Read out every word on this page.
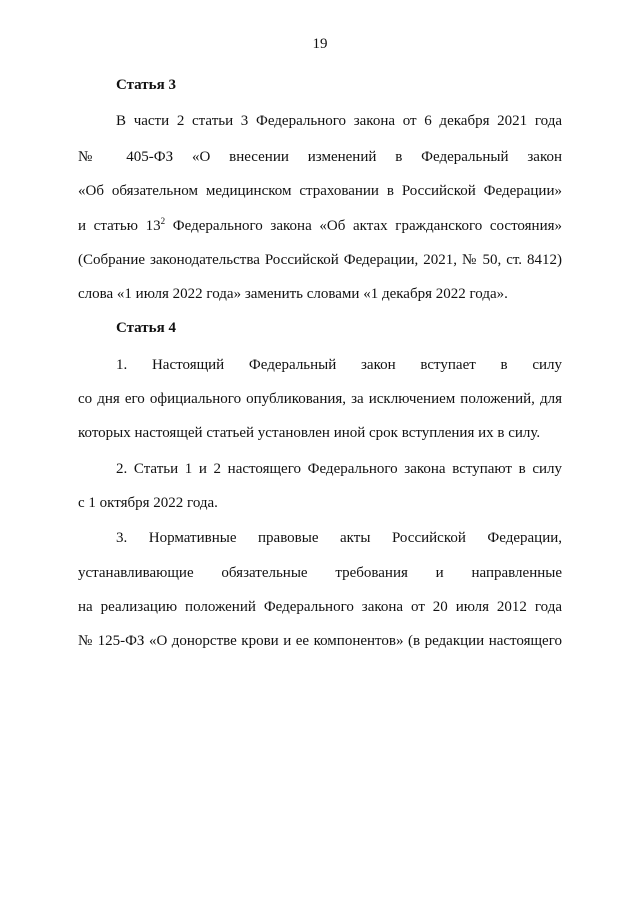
19
Статья 3
В части 2 статьи 3 Федерального закона от 6 декабря 2021 года
№ 405-ФЗ «О внесении изменений в Федеральный закон
«Об обязательном медицинском страховании в Российской Федерации»
и статью $13^2$ Федерального закона «Об актах гражданского состояния»
(Собрание законодательства Российской Федерации, 2021, № 50, ст. 8412)
слова «1 июля 2022 года» заменить словами «1 декабря 2022 года».
Статья 4
1. Настоящий Федеральный закон вступает в силу
со дня его официального опубликования, за исключением положений, для
которых настоящей статьей установлен иной срок вступления их в силу.
2. Статьи 1 и 2 настоящего Федерального закона вступают в силу
с 1 октября 2022 года.
3. Нормативные правовые акты Российской Федерации,
устанавливающие обязательные требования и направленные
на реализацию положений Федерального закона от 20 июля 2012 года
№ 125-ФЗ «О донорстве крови и ее компонентов» (в редакции настоящего
